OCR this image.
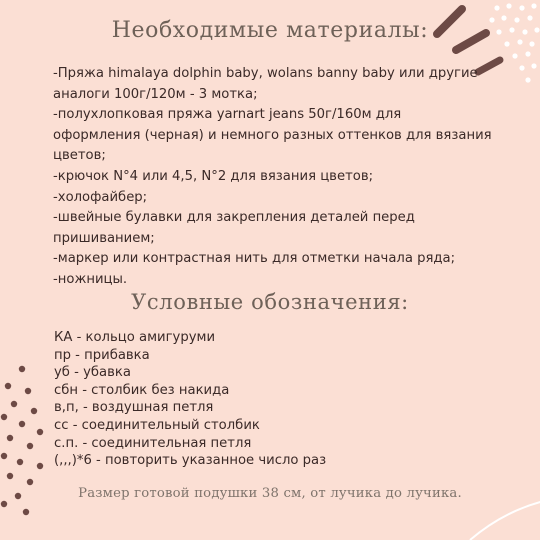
Необходимые материалы:
-Пряжа himalaya dolphin baby, wolans banny baby или другие
аналоги 100г/120м - 3 мотка;
-полухлопковая пряжа yarnart jeans 50г/160м для
оформления (черная) и немного разных оттенков для вязания
цветов;
-крючок N°4 или 4,5, N°2 для вязания цветов;
-холофайбер;
-швейные булавки для закрепления деталей перед
пришиванием;
-маркер или контрастная нить для отметки начала ряда;
-ножницы.
Условные обозначения:
КА - кольцо амигуруми
пр - прибавка
уб - убавка
сбн - столбик без накида
в,п, - воздушная петля
сс - соединительный столбик
с.п. - соединительная петля
(,,,)*6 - повторить указанное число раз
Размер готовой подушки 38 см, от лучика до лучика.
